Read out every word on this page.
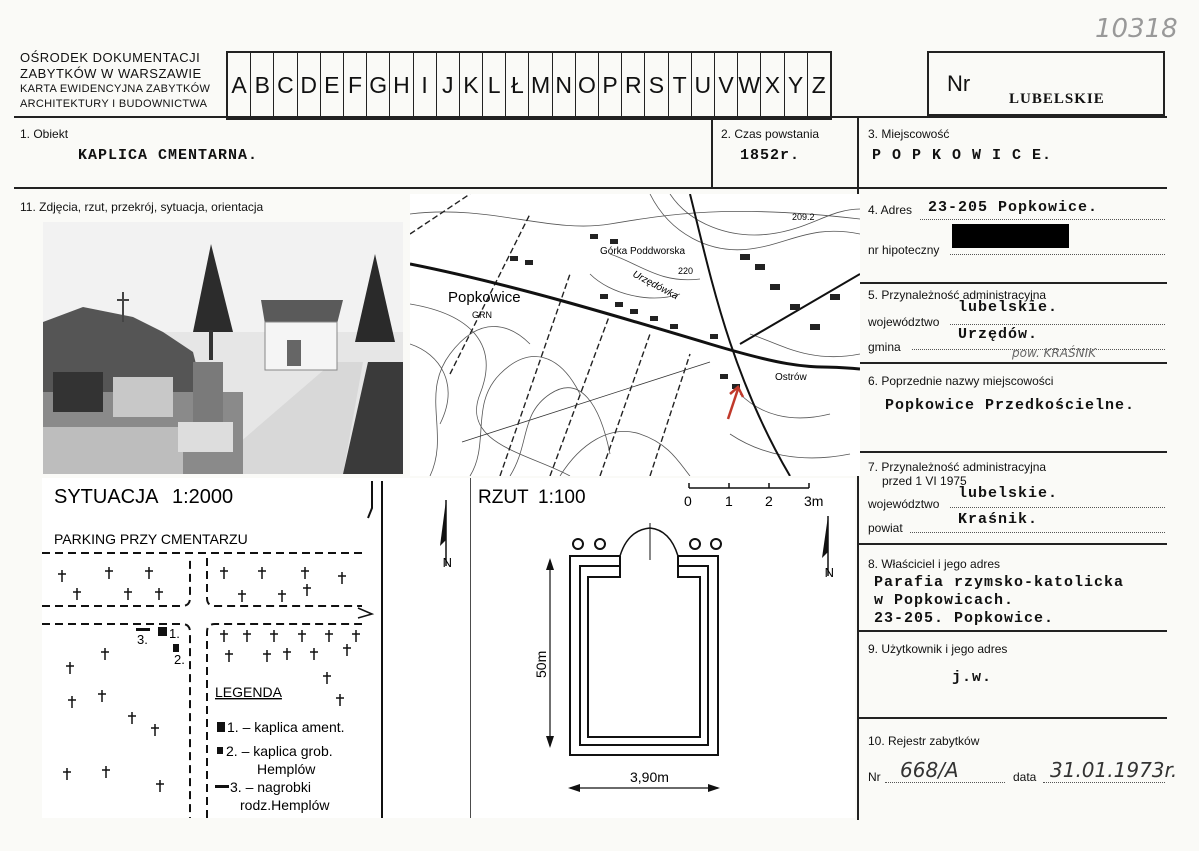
10318
OŚRODEK DOKUMENTACJI
ZABYTKÓW W WARSZAWIE
KARTA EWIDENCYJNA ZABYTKÓW
ARCHITEKTURY I BUDOWNICTWA
A B C D E F G H I J K L Ł M N O P R S T U V W X Y Z	Nr
LUBELSKIE
1. Obiekt
KAPLICA CMENTARNA.
2. Czas powstania
1852r.
3. Miejscowość
P O P K O W I C E.
4. Adres 23-205 Popkowice.
nr hipoteczny
5. Przynależność administracyjna
województwo
lubelskie.
gmina
Urzędów.
pow. KRAŚNIK
6. Poprzednie nazwy miejscowości
Popkowice Przedkościelne.
7. Przynależność administracyjna
przed 1 VI 1975
województwo
lubelskie.
powiat	Kraśnik.
8. Właściciel i jego adres
Parafia rzymsko-katolicka
w Popkowicach.
23-205. Popkowice.
9. Użytkownik i jego adres
j.w.
10. Rejestr zabytków
Nr 668/A	data 31.01.1973r.
11. Zdjęcia, rzut, przekrój, sytuacja, orientacja
Popkowice
GRN
Górka Poddworska
Ostrów
Urzędówka
220
209.2
SYTUACJA 1:2000
PARKING PRZY CMENTARZU
1.
3.
2.
LEGENDA
1. – kaplica ament.
2. – kaplica grob.
Hemplów
3. – nagrobki
rodz.Hemplów
N
RZUT 1:100	0 1 2 3m
50m
3,90m
N
